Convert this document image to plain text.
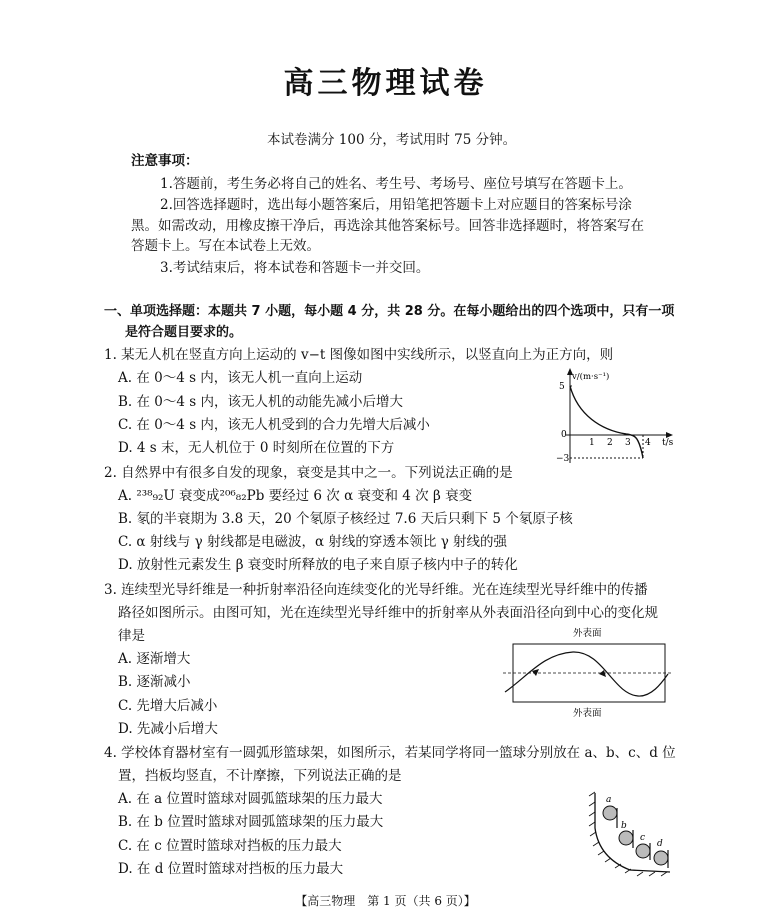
高三物理试卷
本试卷满分 100 分，考试用时 75 分钟。
注意事项：
1.答题前，考生务必将自己的姓名、考生号、考场号、座位号填写在答题卡上。
2.回答选择题时，选出每小题答案后，用铅笔把答题卡上对应题目的答案标号涂
黑。如需改动，用橡皮擦干净后，再选涂其他答案标号。回答非选择题时，将答案写在
答题卡上。写在本试卷上无效。
3.考试结束后，将本试卷和答题卡一并交回。
一、单项选择题：本题共 7 小题，每小题 4 分，共 28 分。在每小题给出的四个选项中，只有一项
是符合题目要求的。
1. 某无人机在竖直方向上运动的 v−t 图像如图中实线所示，以竖直向上为正方向，则
A. 在 0～4 s 内，该无人机一直向上运动
B. 在 0～4 s 内，该无人机的动能先减小后增大
C. 在 0～4 s 内，该无人机受到的合力先增大后减小
D. 4 s 末，无人机位于 0 时刻所在位置的下方
v/(m·s⁻¹)
t/s
5
0
−3
1 2 3 4
2. 自然界中有很多自发的现象，衰变是其中之一。下列说法正确的是
A. ²³⁸₉₂U 衰变成²⁰⁶₈₂Pb 要经过 6 次 α 衰变和 4 次 β 衰变
B. 氡的半衰期为 3.8 天，20 个氡原子核经过 7.6 天后只剩下 5 个氡原子核
C. α 射线与 γ 射线都是电磁波，α 射线的穿透本领比 γ 射线的强
D. 放射性元素发生 β 衰变时所释放的电子来自原子核内中子的转化
3. 连续型光导纤维是一种折射率沿径向连续变化的光导纤维。光在连续型光导纤维中的传播
路径如图所示。由图可知，光在连续型光导纤维中的折射率从外表面沿径向到中心的变化规
律是
A. 逐渐增大
B. 逐渐减小
C. 先增大后减小
D. 先减小后增大
外表面
外表面
4. 学校体育器材室有一圆弧形篮球架，如图所示，若某同学将同一篮球分别放在 a、b、c、d 位
置，挡板均竖直，不计摩擦，下列说法正确的是
A. 在 a 位置时篮球对圆弧篮球架的压力最大
B. 在 b 位置时篮球对圆弧篮球架的压力最大
C. 在 c 位置时篮球对挡板的压力最大
D. 在 d 位置时篮球对挡板的压力最大
a
b
c
d
【高三物理　第 1 页（共 6 页）】
